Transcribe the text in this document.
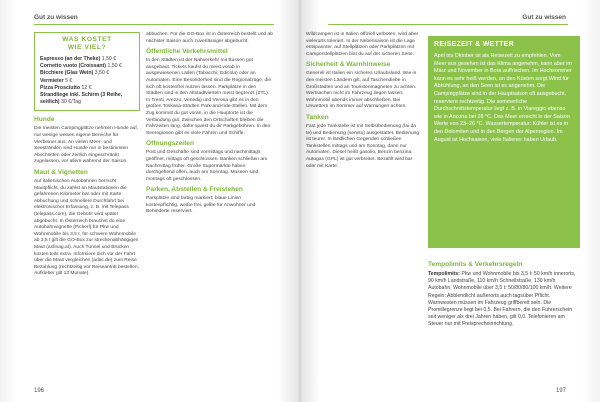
Gut zu wissen
WAS KOSTET
WIE VIEL?
Espresso (an der Theke) 1,50 €
Cornetto vuoto (Croissant) 1,50 €
Bicchiere (Glas Wein) 3,50 €
Vermieter 5 €
Pizza Prosciutto 12 €
Strandliege inkl. Schirm (3 Reihe, seitlich) 30 €/Tag
Hunde

Die meisten Campingplätze nehmen Hunde auf, nur wenige weisen eigene Bereiche für Vierbeiner aus. An vielen Meer- und Seestränden sind Hunde nur in bestimmten Abschnitten oder zeitlich eingeschränkt zugelassen, vor allem während der Saison.

Maut & Vignetten

Auf italienischen Autobahnen herrscht Mautpflicht, du zahlst an Mautstationen die gefahrenen Kilometer bar oder mit Karte. Abbuchung und schnellere Durchfahrt bei elektronischer Erfassung, z. B. mit Telepass (telepass.com), die Gebühr wird später abgebucht. In Österreich brauchst du eine Autobahnvignette (Pickerl) für Pkw und Wohnmobile bis 3,5 t, für schwere Wohnmobile ab 3,5 t gilt die GO-Box zur streckenabhängigen Maut (asfinag.at). Auch Tunnel und Brücken kosten teils extra. Informiere dich vor der Fahrt über die Maut vergleichen (adac.de) zum Reise. Bezahlung (rechtzeitig vor Reiseantritt bestellen, Aufkleber gilt 12 Monate).

abbuchen. Für die GO-Box ist in Österreich bestellt und ab nächster Saison auch zuverlässiger abgebucht.

Öffentliche Verkehrsmittel

In den Städten ist der Nahverkehr mit Bussen gut ausgebaut. Tickets kaufst du meist vorab in ausgewiesenen Läden (Tabacchi, Edicola) oder an Automaten. Eine Besonderheit sind die Regionalzüge, die sich oft kostenfrei nutzen lassen. Parkplätze in den Städten sind in den Altstadtvierteln meist begrenzt (ZTL). In Trenti, Arezzo, Venedig und Verona gibt es in den großen Toskana-Städten Park-and-ride-Stellen. Mit dem Zug kommst du gut voran, in die Hauptorte ist die Verbindung gut. Zwischen den Ortschaften bleiben die Fahrzeiten lang, dafür sparst du dir Parkgebühren. In den Seeregionen gibt es viele Fähren und Schiffe.

Öffnungszeiten

Post und Geschäfte sind vormittags und nachmittags geöffnet, mittags oft geschlossen. Banken schließen am Nachmittag früher. Große Supermärkte haben durchgehend offen, auch am Sonntag. Museen sind montags oft geschlossen.

Parken, Abstellen & Freistehen

Parkplätze sind farbig markiert: blaue Linien kostenpflichtig, weiße frei, gelbe für Anwohner und Behinderte reserviert.

196
Gut zu wissen

Wildcampen ist in Italien offiziell verboten, wird aber vielerorts toleriert. In der Nebensaison ist die Lage entspannter, auf Stellplätzen oder Parkplätzen mit Camperstellplätzen bist du auf der sicheren Seite.

Sicherheit & Warnhinweise

Generell ist Italien ein sicheres Urlaubsland. Wie in den meisten Ländern gilt, auf Taschendiebe in Großstädten und an Touristenmagneten zu achten. Wertsachen nicht im Fahrzeug liegen lassen, Wohnmobil abends immer abschließen. Bei Unwettern im Sommer auf Warnungen achten.

Tanken

Fast jede Tankstelle ist mit Selbstbedienung (fai da te) und Bedienung (servito) ausgestattet, Bedienung ist teurer. In ländlichen Gegenden schließen Tankstellen mittags und am Sonntag, dann nur Automaten. Diesel heißt gasolio, Benzin benzina. Autogas (GPL) ist gut verbreitet. Bezahlt wird bar oder mit Karte.

REISEZEIT & WETTER
April bis Oktober ist als Reisezeit zu empfehlen. Vom Meer aus gesehen ist das Klima angenehm, kann aber im März und November in Bora auffrischen. Im Hochsommer kann es sehr heiß werden, an den Küsten sorgt Wind für Abkühlung, an den Seen ist es angenehm. Die Campingplätze sind in der Hauptsaison oft ausgebucht, reserviere rechtzeitig. Die sommerliche Durchschnittstemperatur liegt z. B. in Viareggio ebenso wie in Ancona bei 28 °C. Das Meer erreicht in der Saison Werte von 23–26 °C. Wassertemperatur: Kühler ist es in den Dolomiten und in den Bergen der Alpenregion. Im August ist Hochsaison, viele Italiener haben Urlaub.
Tempolimits & Verkehrsregeln
Tempolimits: Pkw und Wohnmobile bis 3,5 t: 50 km/h innerorts, 90 km/h Landstraße, 110 km/h Schnellstraße, 130 km/h Autobahn. Wohnmobile über 3,5 t: 50/80/80/100 km/h. Weitere Regeln: Abblendlicht außerorts auch tagsüber Pflicht. Warnwesten müssen im Fahrzeug griffbereit sein. Die Promillegrenze liegt bei 0,5. Bei Fahrern, die den Führerschein seit weniger als drei Jahren haben, gilt 0,0. Telefonieren am Steuer nur mit Freisprecheinrichtung.
197
